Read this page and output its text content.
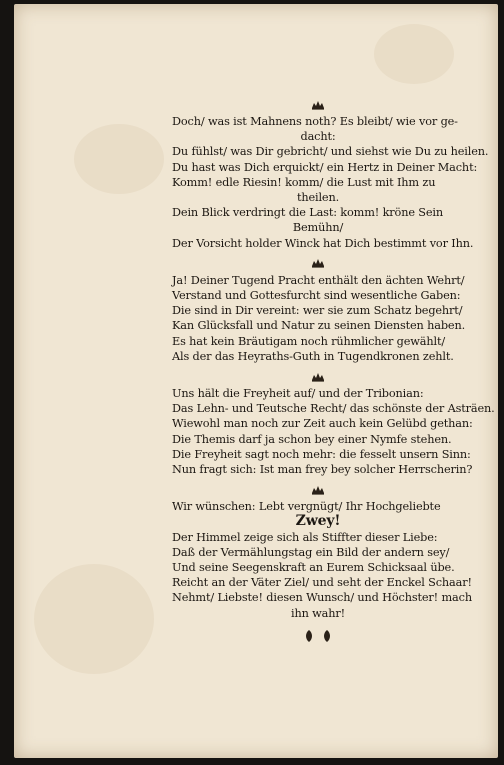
Doch/ was ist Mahnens noth? Es bleibt/ wie vor ge-
dacht:
Du fühlst/ was Dir gebricht/ und siehst wie Du zu heilen.
Du hast was Dich erquickt/ ein Hertz in Deiner Macht:
Komm! edle Riesin! komm/ die Lust mit Ihm zu
theilen.
Dein Blick verdringt die Last: komm! kröne Sein
Bemühn/
Der Vorsicht holder Winck hat Dich bestimmt vor Ihn.
Ja! Deiner Tugend Pracht enthält den ächten Wehrt/
Verstand und Gottesfurcht sind wesentliche Gaben:
Die sind in Dir vereint: wer sie zum Schatz begehrt/
Kan Glücksfall und Natur zu seinen Diensten haben.
Es hat kein Bräutigam noch rühmlicher gewählt/
Als der das Heyraths-Guth in Tugendkronen zehlt.
Uns hält die Freyheit auf/ und der Tribonian:
Das Lehn- und Teutsche Recht/ das schönste der Asträen.
Wiewohl man noch zur Zeit auch kein Gelübd gethan:
Die Themis darf ja schon bey einer Nymfe stehen.
Die Freyheit sagt noch mehr: die fesselt unsern Sinn:
Nun fragt sich: Ist man frey bey solcher Herrscherin?
Wir wünschen: Lebt vergnügt/ Ihr Hochgeliebte
Zwey!
Der Himmel zeige sich als Stiffter dieser Liebe:
Daß der Vermählungstag ein Bild der andern sey/
Und seine Seegenskraft an Eurem Schicksaal übe.
Reicht an der Väter Ziel/ und seht der Enckel Schaar!
Nehmt/ Liebste! diesen Wunsch/ und Höchster! mach
ihn wahr!
